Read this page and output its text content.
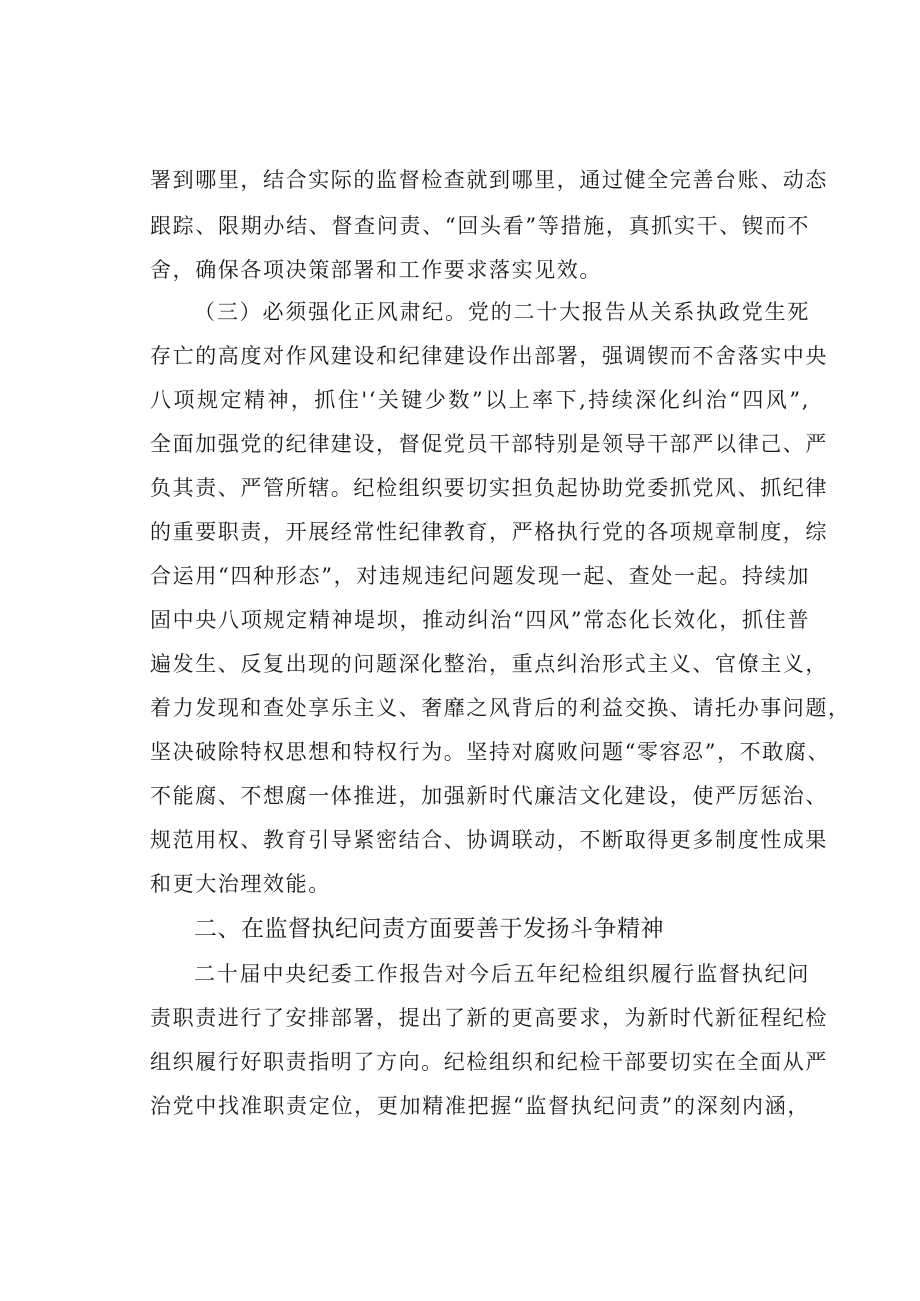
署到哪里，结合实际的监督检查就到哪里，通过健全完善台账、动态
跟踪、限期办结、督查问责、“回头看”等措施，真抓实干、锲而不
舍，确保各项决策部署和工作要求落实见效。
（三）必须强化正风肃纪。党的二十大报告从关系执政党生死
存亡的高度对作风建设和纪律建设作出部署，强调锲而不舍落实中央
八项规定精神，抓住'‘关键少数”以上率下,持续深化纠治“四风”,
全面加强党的纪律建设，督促党员干部特别是领导干部严以律己、严
负其责、严管所辖。纪检组织要切实担负起协助党委抓党风、抓纪律
的重要职责，开展经常性纪律教育，严格执行党的各项规章制度，综
合运用“四种形态”，对违规违纪问题发现一起、查处一起。持续加
固中央八项规定精神堤坝，推动纠治“四风”常态化长效化，抓住普
遍发生、反复出现的问题深化整治，重点纠治形式主义、官僚主义，
着力发现和查处享乐主义、奢靡之风背后的利益交换、请托办事问题，
坚决破除特权思想和特权行为。坚持对腐败问题“零容忍”，不敢腐、
不能腐、不想腐一体推进，加强新时代廉洁文化建设，使严厉惩治、
规范用权、教育引导紧密结合、协调联动，不断取得更多制度性成果
和更大治理效能。
二、在监督执纪问责方面要善于发扬斗争精神
二十届中央纪委工作报告对今后五年纪检组织履行监督执纪问
责职责进行了安排部署，提出了新的更高要求，为新时代新征程纪检
组织履行好职责指明了方向。纪检组织和纪检干部要切实在全面从严
治党中找准职责定位，更加精准把握“监督执纪问责”的深刻内涵，
